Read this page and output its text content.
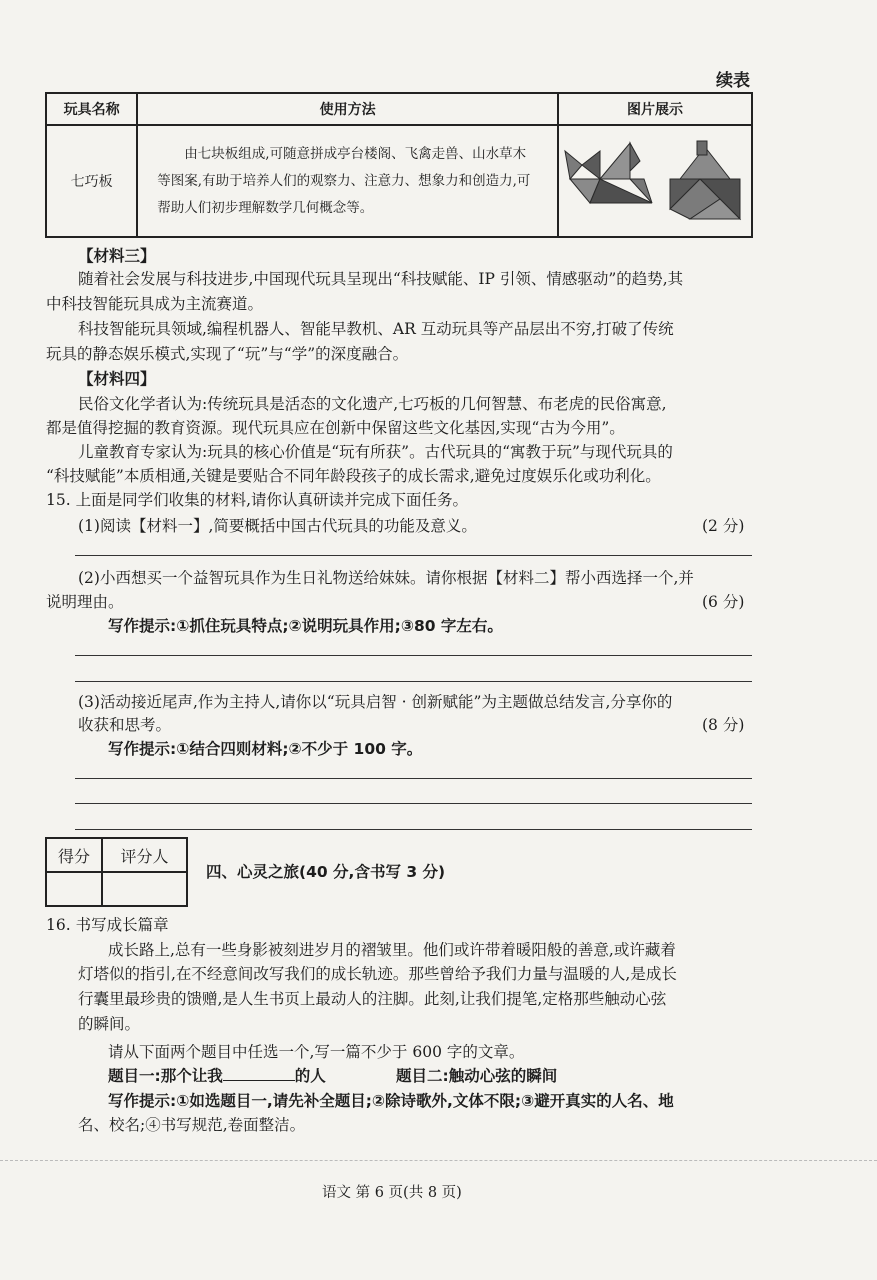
续表
玩具名称	使用方法	图片展示
七巧板	由七块板组成,可随意拼成亭台楼阁、飞禽走兽、山水草木等图案,有助于培养人们的观察力、注意力、想象力和创造力,可帮助人们初步理解数学几何概念等。

【材料三】
随着社会发展与科技进步,中国现代玩具呈现出“科技赋能、IP 引领、情感驱动”的趋势,其
中科技智能玩具成为主流赛道。
科技智能玩具领域,编程机器人、智能早教机、AR 互动玩具等产品层出不穷,打破了传统
玩具的静态娱乐模式,实现了“玩”与“学”的深度融合。
【材料四】
民俗文化学者认为:传统玩具是活态的文化遗产,七巧板的几何智慧、布老虎的民俗寓意,
都是值得挖掘的教育资源。现代玩具应在创新中保留这些文化基因,实现“古为今用”。
儿童教育专家认为:玩具的核心价值是“玩有所获”。古代玩具的“寓教于玩”与现代玩具的
“科技赋能”本质相通,关键是要贴合不同年龄段孩子的成长需求,避免过度娱乐化或功利化。
15. 上面是同学们收集的材料,请你认真研读并完成下面任务。
(1)阅读【材料一】,简要概括中国古代玩具的功能及意义。	(2 分)
(2)小西想买一个益智玩具作为生日礼物送给妹妹。请你根据【材料二】帮小西选择一个,并
说明理由。	(6 分)
写作提示:①抓住玩具特点;②说明玩具作用;③80 字左右。
(3)活动接近尾声,作为主持人,请你以“玩具启智 · 创新赋能”为主题做总结发言,分享你的
收获和思考。	(8 分)
写作提示:①结合四则材料;②不少于 100 字。
得分	评分人

四、心灵之旅(40 分,含书写 3 分)
16. 书写成长篇章
成长路上,总有一些身影被刻进岁月的褶皱里。他们或许带着暖阳般的善意,或许藏着
灯塔似的指引,在不经意间改写我们的成长轨迹。那些曾给予我们力量与温暖的人,是成长
行囊里最珍贵的馈赠,是人生书页上最动人的注脚。此刻,让我们提笔,定格那些触动心弦
的瞬间。
请从下面两个题目中任选一个,写一篇不少于 600 字的文章。
题目一:那个让我	的人	题目二:触动心弦的瞬间
写作提示:①如选题目一,请先补全题目;②除诗歌外,文体不限;③避开真实的人名、地
名、校名;④书写规范,卷面整洁。
语文 第 6 页(共 8 页)
